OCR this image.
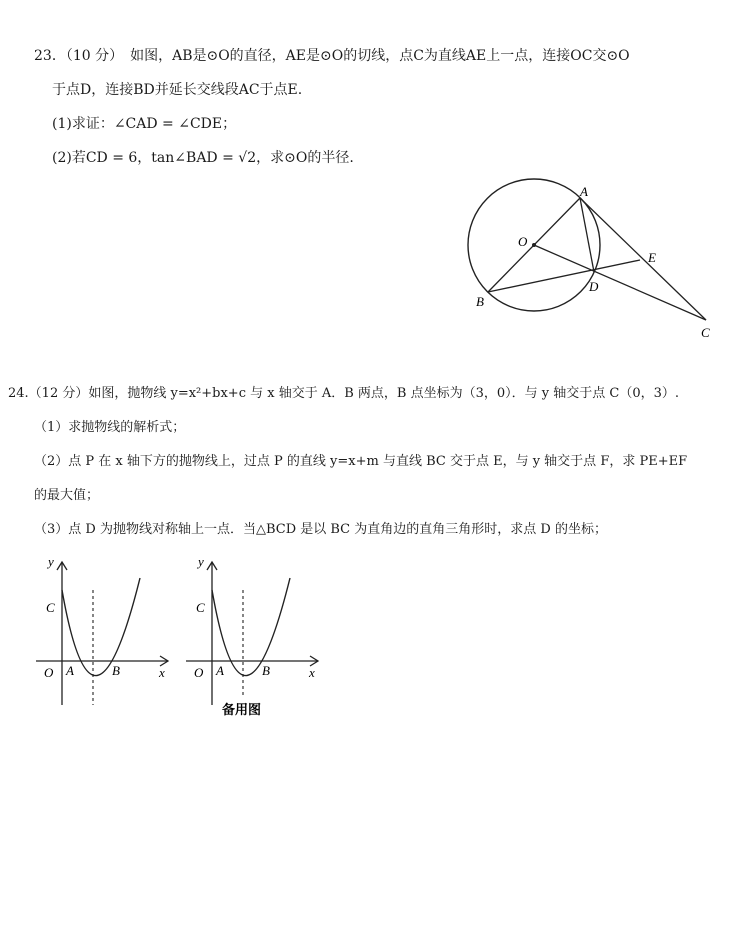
23．（10 分）　如图，AB是⊙O的直径，AE是⊙O的切线，点C为直线AE上一点，连接OC交⊙O
于点D，连接BD并延长交线段AC于点E.
(1)求证：∠CAD = ∠CDE；
(2)若CD = 6，tan∠BAD = √2，求⊙O的半径.
A
O
E
B
D
C
24.（12 分）如图，抛物线 y=x²+bx+c 与 x 轴交于 A．B 两点，B 点坐标为（3，0）．与 y 轴交于点 C（0，3）.
（1）求抛物线的解析式；
（2）点 P 在 x 轴下方的抛物线上，过点 P 的直线 y=x+m 与直线 BC 交于点 E，与 y 轴交于点 F，求 PE+EF
的最大值；
（3）点 D 为抛物线对称轴上一点．当△BCD 是以 BC 为直角边的直角三角形时，求点 D 的坐标；
y
C
O A	B	x
y
C
O A	B	x
备用图
